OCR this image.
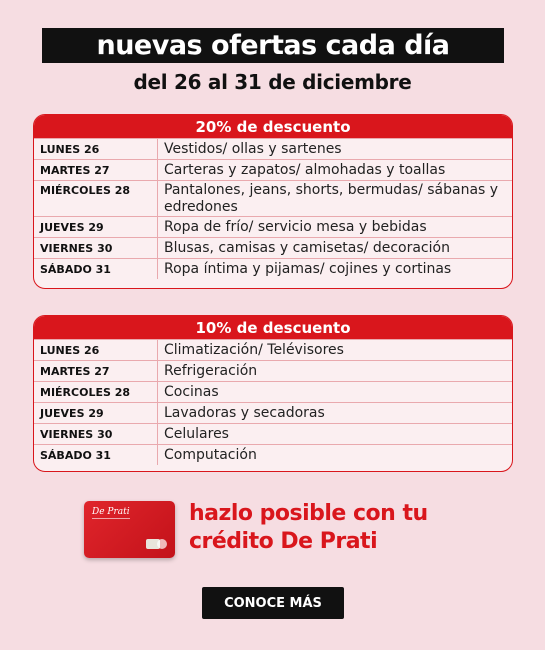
nuevas ofertas cada día
del 26 al 31 de diciembre
20% de descuento
LUNES 26	Vestidos/ ollas y sartenes
MARTES 27	Carteras y zapatos/ almohadas y toallas
MIÉRCOLES 28	Pantalones, jeans, shorts, bermudas/ sábanas y edredones
JUEVES 29	Ropa de frío/ servicio mesa y bebidas
VIERNES 30	Blusas, camisas y camisetas/ decoración
SÁBADO 31	Ropa íntima y pijamas/ cojines y cortinas
10% de descuento
LUNES 26	Climatización/ Telévisores
MARTES 27	Refrigeración
MIÉRCOLES 28	Cocinas
JUEVES 29	Lavadoras y secadoras
VIERNES 30	Celulares
SÁBADO 31	Computación
De Prati	hazlo posible con tu
crédito De Prati
CONOCE MÁS
